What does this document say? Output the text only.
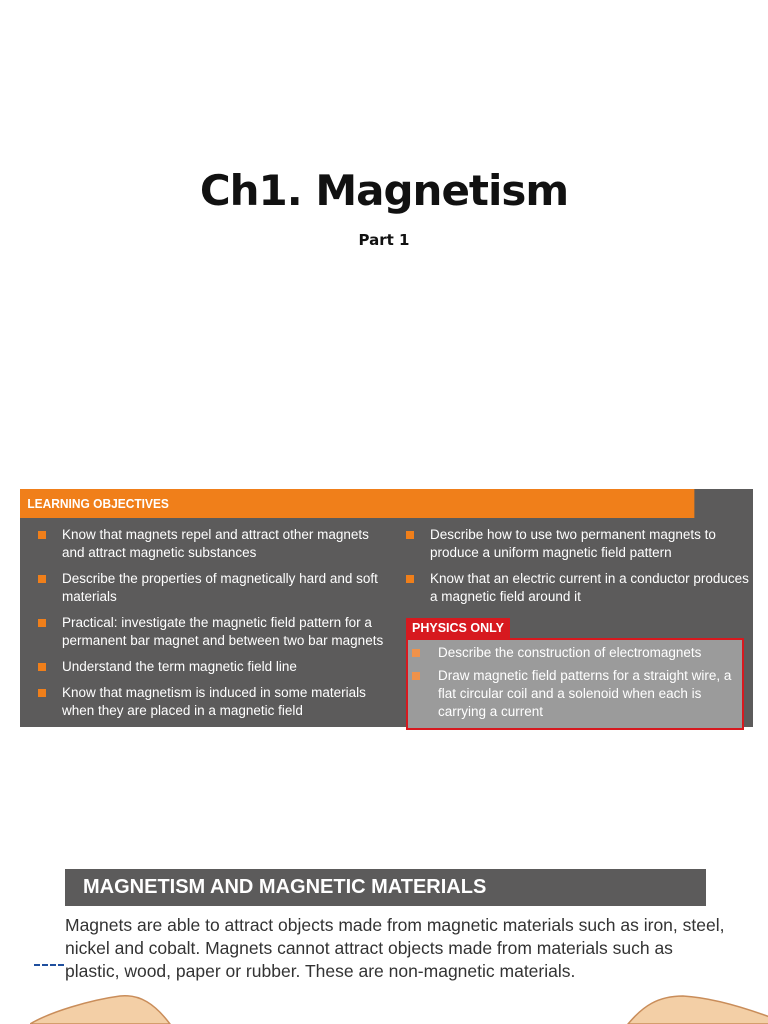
Ch1. Magnetism
Part 1
LEARNING OBJECTIVES
Know that magnets repel and attract other magnets and attract magnetic substances
Describe the properties of magnetically hard and soft materials
Practical: investigate the magnetic field pattern for a permanent bar magnet and between two bar magnets
Understand the term magnetic field line
Know that magnetism is induced in some materials when they are placed in a magnetic field
Describe how to use two permanent magnets to produce a uniform magnetic field pattern
Know that an electric current in a conductor produces a magnetic field around it
PHYSICS ONLY
Describe the construction of electromagnets
Draw magnetic field patterns for a straight wire, a flat circular coil and a solenoid when each is carrying a current
MAGNETISM AND MAGNETIC MATERIALS
Magnets are able to attract objects made from magnetic materials such as iron, steel, nickel and cobalt. Magnets cannot attract objects made from materials such as plastic, wood, paper or rubber. These are non-magnetic materials.
